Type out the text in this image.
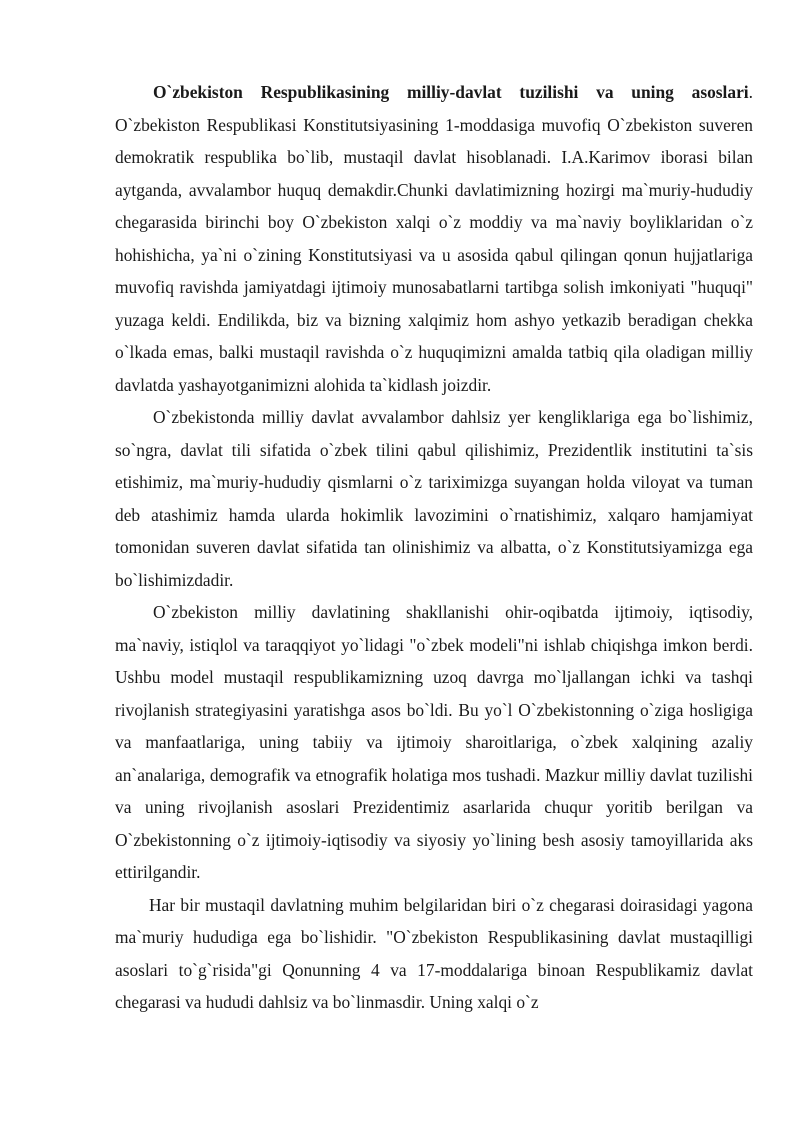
O`zbekiston Respublikasining milliy-davlat tuzilishi va uning asoslari. O`zbekiston Respublikasi Konstitutsiyasining 1-moddasiga muvofiq O`zbekiston suveren demokratik respublika bo`lib, mustaqil davlat hisoblanadi. I.A.Karimov iborasi bilan aytganda, avvalambor huquq demakdir.Chunki davlatimizning hozirgi ma`muriy-hududiy chegarasida birinchi boy O`zbekiston xalqi o`z moddiy va ma`naviy boyliklaridan o`z hohishicha, ya`ni o`zining Konstitutsiyasi va u asosida qabul qilingan qonun hujjatlariga muvofiq ravishda jamiyatdagi ijtimoiy munosabatlarni tartibga solish imkoniyati "huquqi" yuzaga keldi. Endilikda, biz va bizning xalqimiz hom ashyo yetkazib beradigan chekka o`lkada emas, balki mustaqil ravishda o`z huquqimizni amalda tatbiq qila oladigan milliy davlatda yashayotganimizni alohida ta`kidlash joizdir.

O`zbekistonda milliy davlat avvalambor dahlsiz yer kengliklariga ega bo`lishimiz, so`ngra, davlat tili sifatida o`zbek tilini qabul qilishimiz, Prezidentlik institutini ta`sis etishimiz, ma`muriy-hududiy qismlarni o`z tariximizga suyangan holda viloyat va tuman deb atashimiz hamda ularda hokimlik lavozimini o`rnatishimiz, xalqaro hamjamiyat tomonidan suveren davlat sifatida tan olinishimiz va albatta, o`z Konstitutsiyamizga ega bo`lishimizdadir.

O`zbekiston milliy davlatining shakllanishi ohir-oqibatda ijtimoiy, iqtisodiy, ma`naviy, istiqlol va taraqqiyot yo`lidagi "o`zbek modeli"ni ishlab chiqishga imkon berdi. Ushbu model mustaqil respublikamizning uzoq davrga mo`ljallangan ichki va tashqi rivojlanish strategiyasini yaratishga asos bo`ldi. Bu yo`l O`zbekistonning o`ziga hosligiga va manfaatlariga, uning tabiiy va ijtimoiy sharoitlariga, o`zbek xalqining azaliy an`analariga, demografik va etnografik holatiga mos tushadi. Mazkur milliy davlat tuzilishi va uning rivojlanish asoslari Prezidentimiz asarlarida chuqur yoritib berilgan va O`zbekistonning o`z ijtimoiy-iqtisodiy va siyosiy yo`lining besh asosiy tamoyillarida aks ettirilgandir.

Har bir mustaqil davlatning muhim belgilaridan biri o`z chegarasi doirasidagi yagona ma`muriy hududiga ega bo`lishidir. "O`zbekiston Respublikasining davlat mustaqilligi asoslari to`g`risida"gi Qonunning 4 va 17-moddalariga binoan Respublikamiz davlat chegarasi va hududi dahlsiz va bo`linmasdir. Uning xalqi o`z
